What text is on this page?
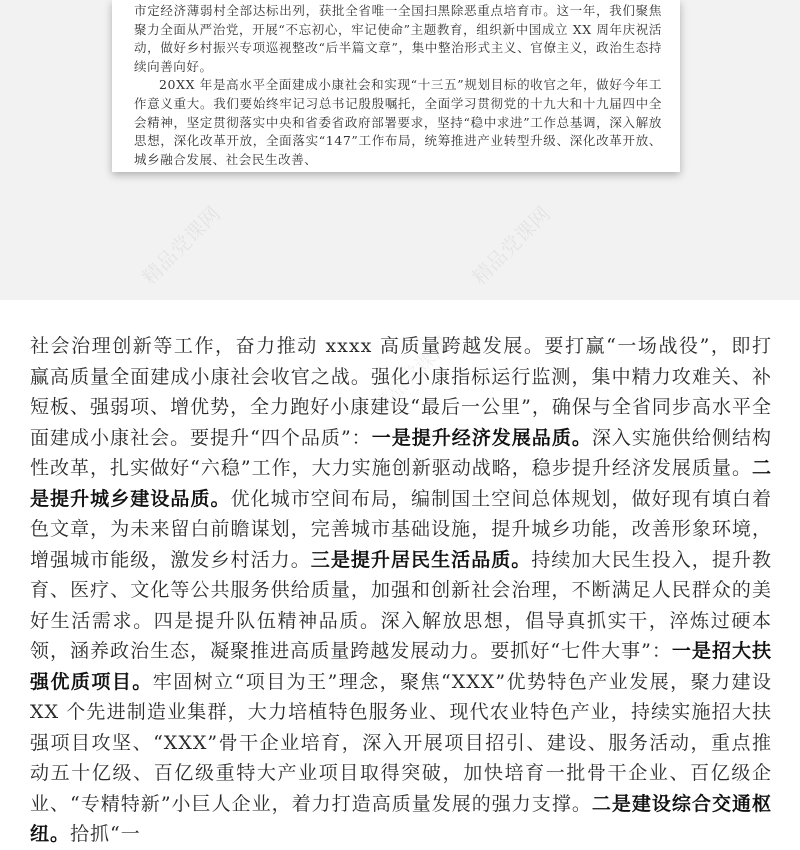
市定经济薄弱村全部达标出列，获批全省唯一全国扫黑除恶重点培育市。这一年，我们聚焦聚力全面从严治党，开展“不忘初心，牢记使命”主题教育，组织新中国成立 XX 周年庆祝活动，做好乡村振兴专项巡视整改“后半篇文章”，集中整治形式主义、官僚主义，政治生态持续向善向好。

20XX 年是高水平全面建成小康社会和实现“十三五”规划目标的收官之年，做好今年工作意义重大。我们要始终牢记习总书记殷殷嘱托，全面学习贯彻党的十九大和十九届四中全会精神，坚定贯彻落实中央和省委省政府部署要求，坚持“稳中求进”工作总基调，深入解放思想，深化改革开放，全面落实“147”工作布局，统筹推进产业转型升级、深化改革开放、城乡融合发展、社会民生改善、

精品党课网	精品党课网
精品党课网

社会治理创新等工作，奋力推动 xxxx 高质量跨越发展。要打赢“一场战役”，即打赢高质量全面建成小康社会收官之战。强化小康指标运行监测，集中精力攻难关、补短板、强弱项、增优势，全力跑好小康建设“最后一公里”，确保与全省同步高水平全面建成小康社会。要提升“四个品质”：一是提升经济发展品质。深入实施供给侧结构性改革，扎实做好“六稳”工作，大力实施创新驱动战略，稳步提升经济发展质量。二是提升城乡建设品质。优化城市空间布局，编制国土空间总体规划，做好现有填白着色文章，为未来留白前瞻谋划，完善城市基础设施，提升城乡功能，改善形象环境，增强城市能级，激发乡村活力。三是提升居民生活品质。持续加大民生投入，提升教育、医疗、文化等公共服务供给质量，加强和创新社会治理，不断满足人民群众的美好生活需求。四是提升队伍精神品质。深入解放思想，倡导真抓实干，淬炼过硬本领，涵养政治生态，凝聚推进高质量跨越发展动力。要抓好“七件大事”：一是招大扶强优质项目。牢固树立“项目为王”理念，聚焦“XXX”优势特色产业发展，聚力建设 XX 个先进制造业集群，大力培植特色服务业、现代农业特色产业，持续实施招大扶强项目攻坚、“XXX”骨干企业培育，深入开展项目招引、建设、服务活动，重点推动五十亿级、百亿级重特大产业项目取得突破，加快培育一批骨干企业、百亿级企业、“专精特新”小巨人企业，着力打造高质量发展的强力支撑。二是建设综合交通枢纽。拾抓“一
